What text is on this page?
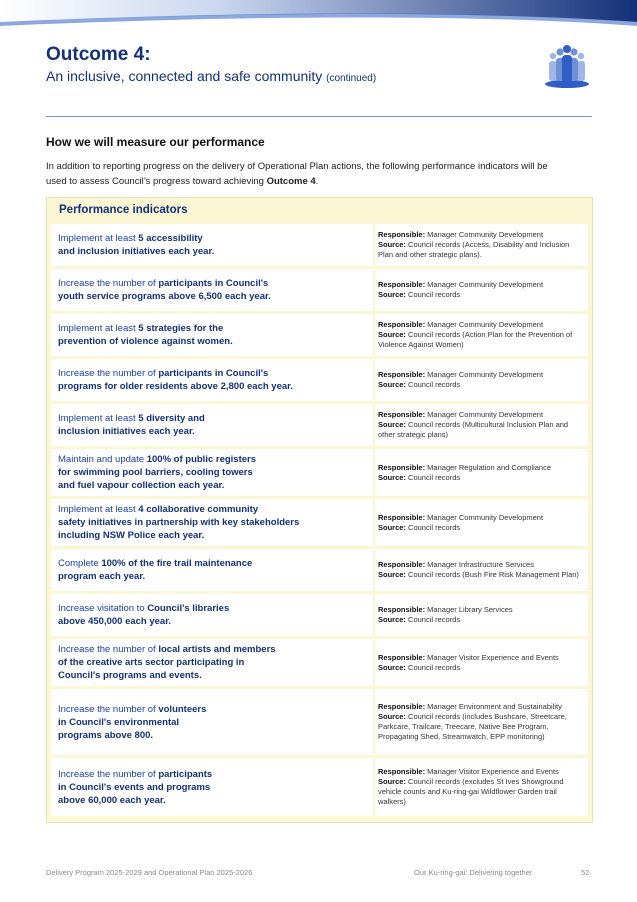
Outcome 4:

An inclusive, connected and safe community (continued)

How we will measure our performance

In addition to reporting progress on the delivery of Operational Plan actions, the following performance indicators will be used to assess Council’s progress toward achieving Outcome 4.

Performance indicators
Implement at least 5 accessibility
and inclusion initiatives each year.
Responsible: Manager Community Development
Source: Council records (Access, Disability and Inclusion Plan and other strategic plans).
Increase the number of participants in Council's
youth service programs above 6,500 each year.
Responsible: Manager Community Development
Source: Council records
Implement at least 5 strategies for the
prevention of violence against women.
Responsible: Manager Community Development
Source: Council records (Action Plan for the Prevention of Violence Against Women)
Increase the number of participants in Council's
programs for older residents above 2,800 each year.
Responsible: Manager Community Development
Source: Council records
Implement at least 5 diversity and
inclusion initiatives each year.
Responsible: Manager Community Development
Source: Council records (Multicultural Inclusion Plan and other strategic plans)
Maintain and update 100% of public registers
for swimming pool barriers, cooling towers
and fuel vapour collection each year.
Responsible: Manager Regulation and Compliance
Source: Council records
Implement at least 4 collaborative community
safety initiatives in partnership with key stakeholders
including NSW Police each year.
Responsible: Manager Community Development
Source: Council records
Complete 100% of the fire trail maintenance
program each year.
Responsible: Manager Infrastructure Services
Source: Council records (Bush Fire Risk Management Plan)
Increase visitation to Council's libraries
above 450,000 each year.
Responsible: Manager Library Services
Source: Council records
Increase the number of local artists and members
of the creative arts sector participating in
Council's programs and events.
Responsible: Manager Visitor Experience and Events
Source: Council records
Increase the number of volunteers
in Council's environmental
programs above 800.
Responsible: Manager Environment and Sustainability
Source: Council records (includes Bushcare, Streetcare, Parkcare, Trailcare, Treecare, Native Bee Program, Propagating Shed, Streamwatch, EPP monitoring)
Increase the number of participants
in Council's events and programs
above 60,000 each year.
Responsible: Manager Visitor Experience and Events
Source: Council records (excludes St Ives Showground vehicle counts and Ku-ring-gai Wildflower Garden trail walkers)
Delivery Program 2025-2029 and Operational Plan 2025-2026	Our Ku-ring-gai: Delivering together	52
